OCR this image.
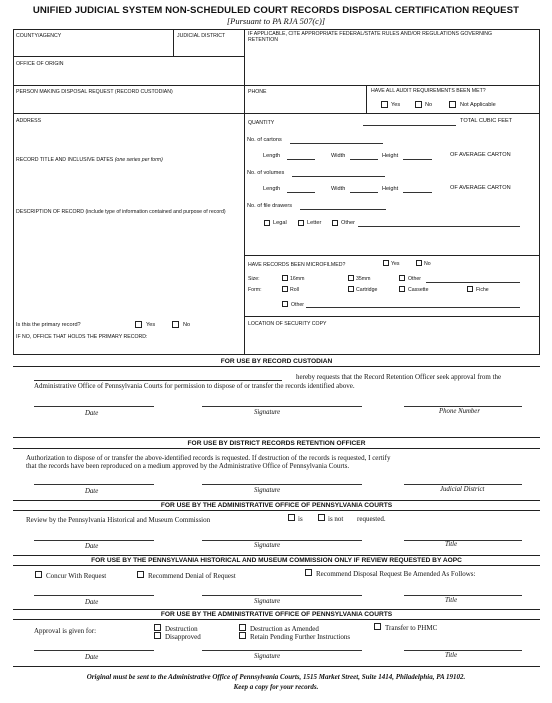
UNIFIED JUDICIAL SYSTEM NON-SCHEDULED COURT RECORDS DISPOSAL CERTIFICATION REQUEST
[Pursuant to PA RJA 507(c)]
COUNTY/AGENCY	JUDICIAL DISTRICT
OFFICE OF ORIGIN
PERSON MAKING DISPOSAL REQUEST (RECORD CUSTODIAN)
ADDRESS
RECORD TITLE AND INCLUSIVE DATES (one series per form)
DESCRIPTION OF RECORD (include type of information contained and purpose of record)
Is this the primary record?	Yes	No
IF NO, OFFICE THAT HOLDS THE PRIMARY RECORD:
IF APPLICABLE, CITE APPROPRIATE FEDERAL/STATE RULES AND/OR REGULATIONS GOVERNING RETENTION
PHONE	HAVE ALL AUDIT REQUIREMENTS BEEN MET?
Yes	No	Not Applicable
QUANTITY	TOTAL CUBIC FEET
No. of cartons
Length	Width	Height	OF AVERAGE CARTON
No. of volumes
Length	Width	Height	OF AVERAGE CARTON
No. of file drawers
Legal	Letter	Other
HAVE RECORDS BEEN MICROFILMED?	Yes	No
Size:	16mm	35mm	Other
Form:	Roll	Cartridge	Cassette	Fiche
Other
LOCATION OF SECURITY COPY
FOR USE BY RECORD CUSTODIAN
hereby requests that the Record Retention Officer seek approval from the
Administrative Office of Pennsylvania Courts for permission to dispose of or transfer the records identified above.
Date	Signature	Phone Number
FOR USE BY DISTRICT RECORDS RETENTION OFFICER
Authorization to dispose of or transfer the above-identified records is requested. If destruction of the records is requested, I certify
that the records have been reproduced on a medium approved by the Administrative Office of Pennsylvania Courts.
Date	Signature	Judicial District
FOR USE BY THE ADMINISTRATIVE OFFICE OF PENNSYLVANIA COURTS
Review by the Pennsylvania Historical and Museum Commission	is	is not requested.
Date	Signature	Title
FOR USE BY THE PENNSYLVANIA HISTORICAL AND MUSEUM COMMISSION ONLY IF REVIEW REQUESTED BY AOPC
Concur With Request	Recommend Denial of Request	Recommend Disposal Request Be Amended As Follows:
Date	Signature	Title
FOR USE BY THE ADMINISTRATIVE OFFICE OF PENNSYLVANIA COURTS
Approval is given for:	Destruction
Disapproved
Destruction as Amended
Retain Pending Further Instructions
Transfer to PHMC
Date	Signature	Title
Original must be sent to the Administrative Office of Pennsylvania Courts, 1515 Market Street, Suite 1414, Philadelphia, PA 19102.
Keep a copy for your records.
